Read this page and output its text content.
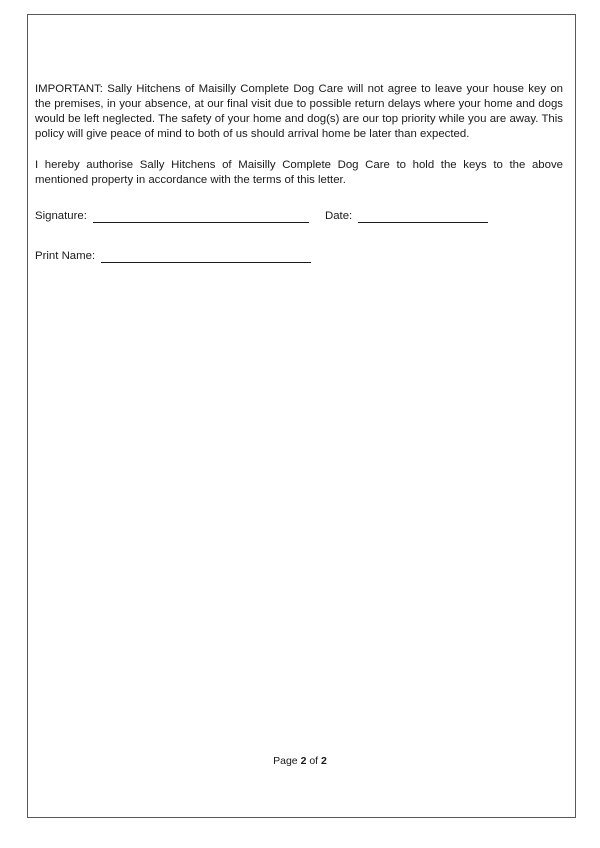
IMPORTANT: Sally Hitchens of Maisilly Complete Dog Care will not agree to leave your house key on the premises, in your absence, at our final visit due to possible return delays where your home and dogs would be left neglected. The safety of your home and dog(s) are our top priority while you are away. This policy will give peace of mind to both of us should arrival home be later than expected.

I hereby authorise Sally Hitchens of Maisilly Complete Dog Care to hold the keys to the above mentioned property in accordance with the terms of this letter.

Signature:	Date:
Print Name:
Page 2 of 2
